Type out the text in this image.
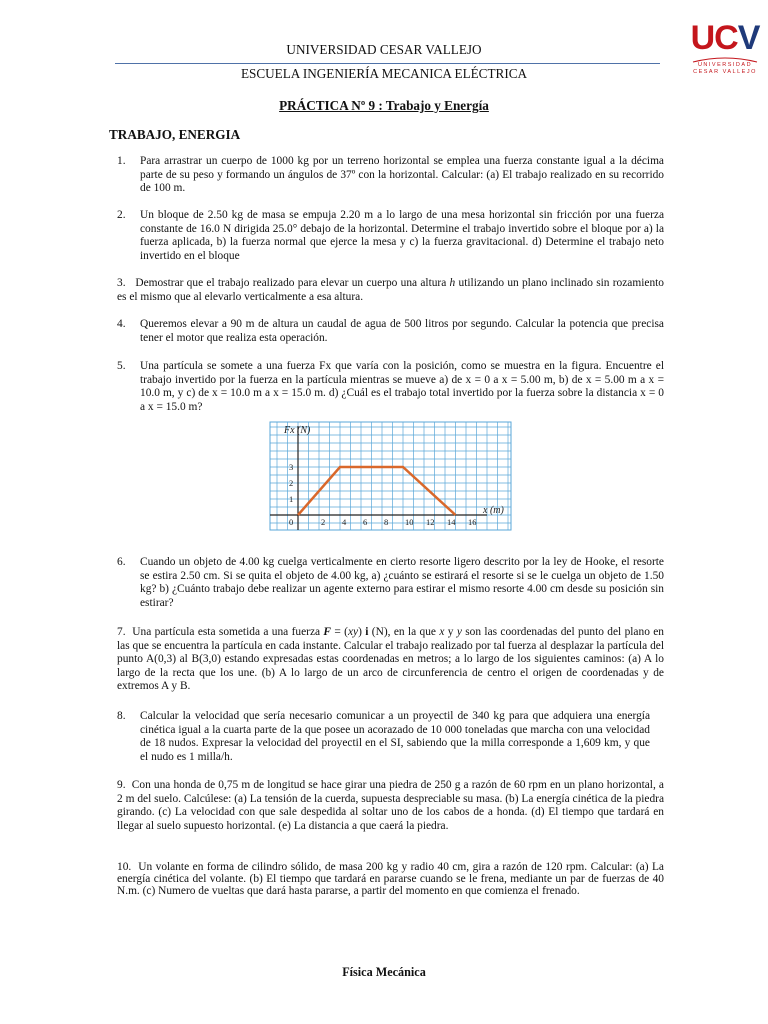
UCV
UNIVERSIDAD
CESAR VALLEJO
UNIVERSIDAD CESAR VALLEJO
ESCUELA INGENIERÍA MECANICA ELÉCTRICA
PRÁCTICA Nº 9 : Trabajo y Energía
TRABAJO, ENERGIA
1. Para arrastrar un cuerpo de 1000 kg por un terreno horizontal se emplea una fuerza constante igual a la décima parte de su peso y formando un ángulos de 37º con la horizontal. Calcular: (a) El trabajo realizado en su recorrido de 100 m.
2. Un bloque de 2.50 kg de masa se empuja 2.20 m a lo largo de una mesa horizontal sin fricción por una fuerza constante de 16.0 N dirigida 25.0° debajo de la horizontal. Determine el trabajo invertido sobre el bloque por a) la fuerza aplicada, b) la fuerza normal que ejerce la mesa y c) la fuerza gravitacional. d) Determine el trabajo neto invertido en el bloque
3. Demostrar que el trabajo realizado para elevar un cuerpo una altura h utilizando un plano inclinado sin rozamiento es el mismo que al elevarlo verticalmente a esa altura.
4. Queremos elevar a 90 m de altura un caudal de agua de 500 litros por segundo. Calcular la potencia que precisa tener el motor que realiza esta operación.
5. Una partícula se somete a una fuerza Fx que varía con la posición, como se muestra en la figura. Encuentre el trabajo invertido por la fuerza en la partícula mientras se mueve a) de x = 0 a x = 5.00 m, b) de x = 5.00 m a x = 10.0 m, y c) de x = 10.0 m a x = 15.0 m. d) ¿Cuál es el trabajo total invertido por la fuerza sobre la distancia x = 0 a x = 15.0 m?
0	2 4 6 8 10 12 14 16
1
2
3
Fx (N)
x (m)
6. Cuando un objeto de 4.00 kg cuelga verticalmente en cierto resorte ligero descrito por la ley de Hooke, el resorte se estira 2.50 cm. Si se quita el objeto de 4.00 kg, a) ¿cuánto se estirará el resorte si se le cuelga un objeto de 1.50 kg? b) ¿Cuánto trabajo debe realizar un agente externo para estirar el mismo resorte 4.00 cm desde su posición sin estirar?
7. Una partícula esta sometida a una fuerza F = (xy) i (N), en la que x y y son las coordenadas del punto del plano en las que se encuentra la partícula en cada instante. Calcular el trabajo realizado por tal fuerza al desplazar la partícula del punto A(0,3) al B(3,0) estando expresadas estas coordenadas en metros; a lo largo de los siguientes caminos: (a) A lo largo de la recta que los une. (b) A lo largo de un arco de circunferencia de centro el origen de coordenadas y de extremos A y B.
8. Calcular la velocidad que sería necesario comunicar a un proyectil de 340 kg para que adquiera una energía cinética igual a la cuarta parte de la que posee un acorazado de 10 000 toneladas que marcha con una velocidad de 18 nudos. Expresar la velocidad del proyectil en el SI, sabiendo que la milla corresponde a 1,609 km, y que el nudo es 1 milla/h.
9. Con una honda de 0,75 m de longitud se hace girar una piedra de 250 g a razón de 60 rpm en un plano horizontal, a 2 m del suelo. Calcúlese: (a) La tensión de la cuerda, supuesta despreciable su masa. (b) La energía cinética de la piedra girando. (c) La velocidad con que sale despedida al soltar uno de los cabos de a honda. (d) El tiempo que tardará en llegar al suelo supuesto horizontal. (e) La distancia a que caerá la piedra.
10. Un volante en forma de cilindro sólido, de masa 200 kg y radio 40 cm, gira a razón de 120 rpm. Calcular: (a) La energía cinética del volante. (b) El tiempo que tardará en pararse cuando se le frena, mediante un par de fuerzas de 40 N.m. (c) Numero de vueltas que dará hasta pararse, a partir del momento en que comienza el frenado.
Física Mecánica
